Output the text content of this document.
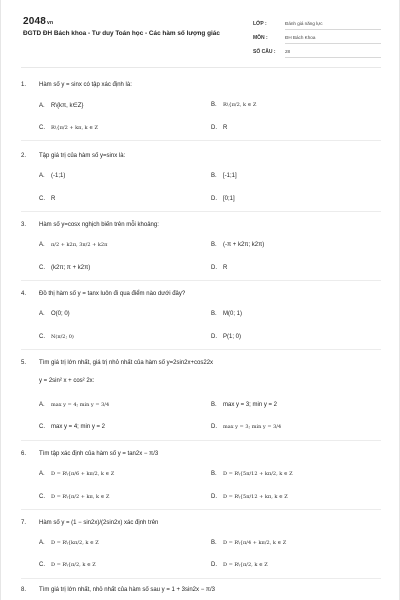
2048vn
ĐGTD ĐH Bách khoa - Tư duy Toán học - Các hàm số lượng giác
LỚP :	Đánh giá năng lực
MÔN :	ĐH Bách Khoa
SỐ CÂU :	28
1. Hàm số y = sinx có tập xác định là:
A. R\{kπ, k∈Z}	B. R\{π/2, k ∈ Z
C. R\{π/2 + kπ, k ∈ Z	D. R
2. Tập giá trị của hàm số y=sinx là:
A. (-1;1)	B. [-1;1]
C. R	D. [0;1]
3. Hàm số y=cosx nghịch biến trên mỗi khoảng:
A. π/2 + k2π, 3π/2 + k2π	B. (-π + k2π; k2π)
C. (k2π; π + k2π)	D. R
4. Đồ thị hàm số y = tanx luôn đi qua điểm nào dưới đây?
A. O(0; 0)	B. M(0; 1)
C. N(π/2; 0)	D. P(1; 0)
5. Tìm giá trị lớn nhất, giá trị nhỏ nhất của hàm số y=2sin2x+cos22x
y = 2sin² x + cos² 2x:
A. max y = 4; min y = 3/4	B. max y = 3; min y = 2
C. max y = 4; min y = 2	D. max y = 3; min y = 3/4
6. Tìm tập xác định của hàm số y = tan2x − π/3
A. D = R\{π/6 + kπ/2, k ∈ Z	B. D = R\{5π/12 + kπ/2, k ∈ Z
C. D = R\{π/2 + kπ, k ∈ Z	D. D = R\{5π/12 + kπ, k ∈ Z
7. Hàm số y = (1 − sin2x)/(2sin2x) xác định trên
A. D = R\{kπ/2, k ∈ Z	B. D = R\{π/4 + kπ/2, k ∈ Z
C. D = R\{π/2, k ∈ Z	D. D = R\{π/2, k ∈ Z
8. Tìm giá trị lớn nhất, nhỏ nhất của hàm số sau y = 1 + 3sin2x − π/3
